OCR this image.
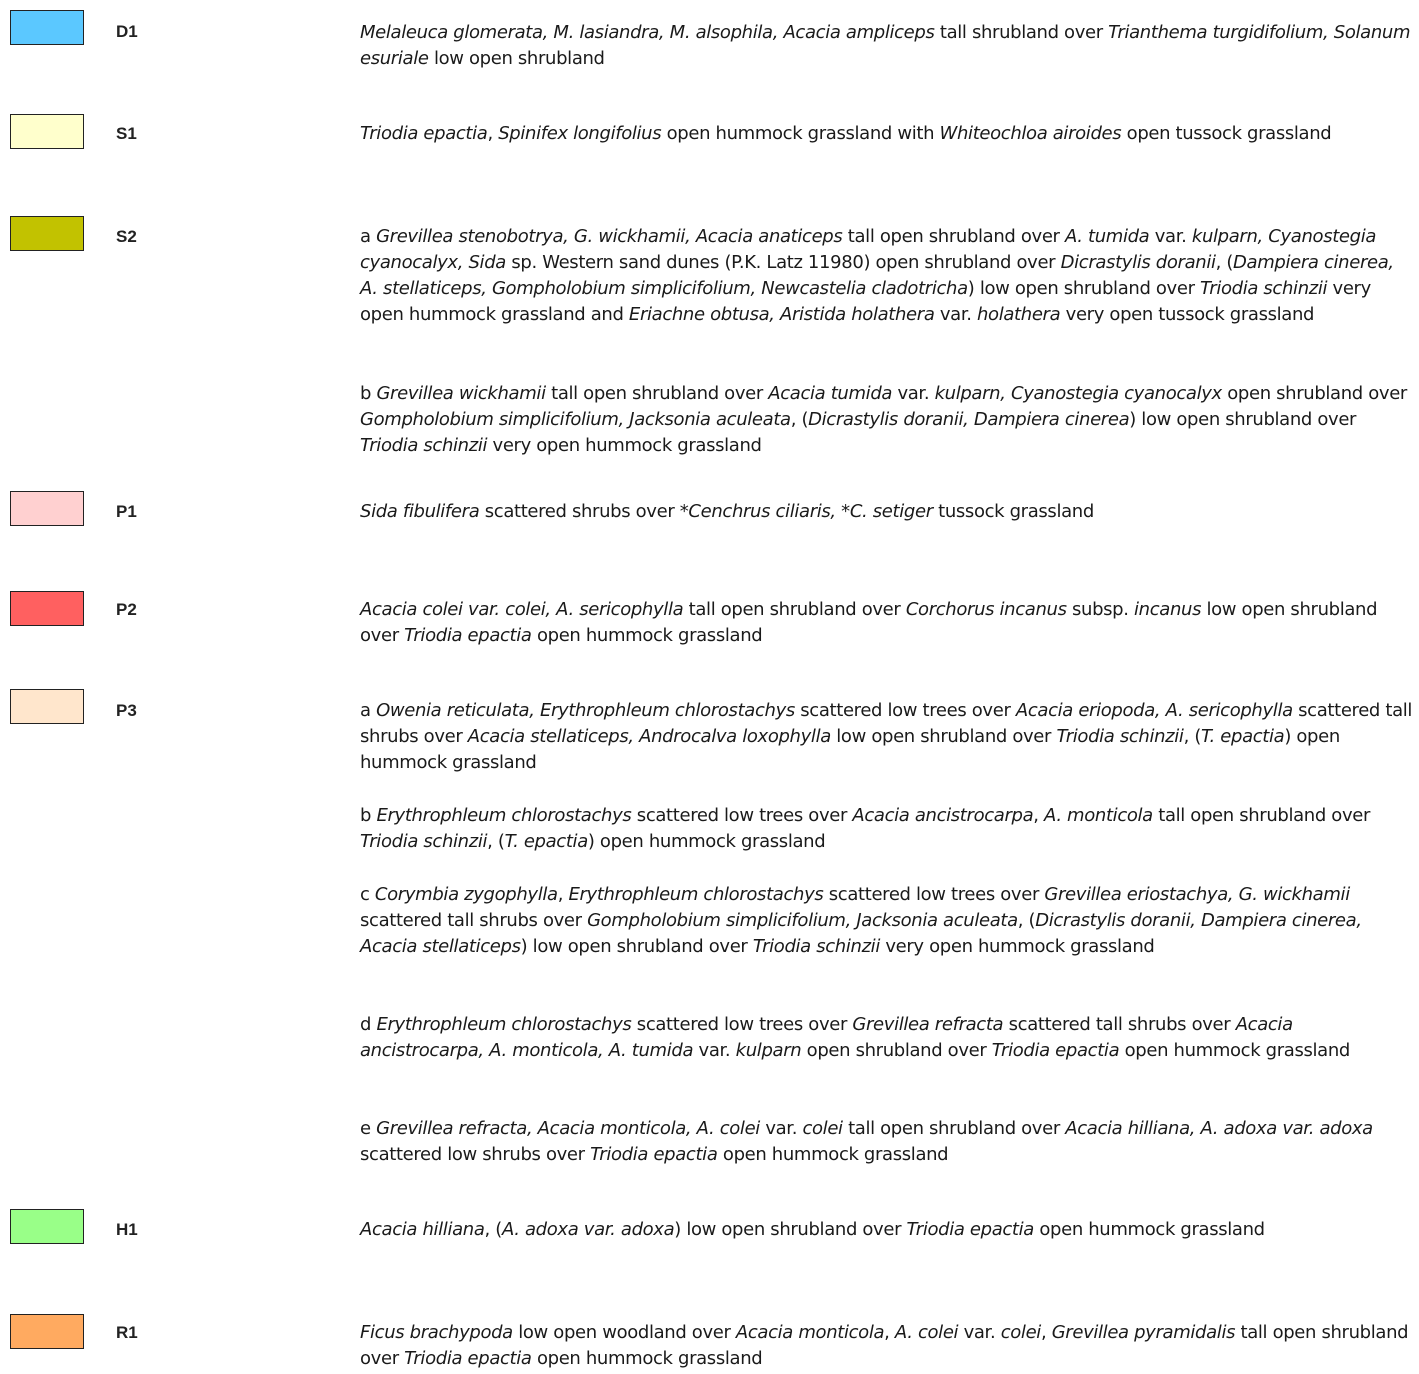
D1	Melaleuca glomerata, M. lasiandra, M. alsophila, Acacia ampliceps tall shrubland over Trianthema turgidifolium, Solanum esuriale low open shrubland
S1	Triodia epactia, Spinifex longifolius open hummock grassland with Whiteochloa airoides open tussock grassland
S2	a Grevillea stenobotrya, G. wickhamii, Acacia anaticeps tall open shrubland over A. tumida var. kulparn, Cyanostegia cyanocalyx, Sida sp. Western sand dunes (P.K. Latz 11980) open shrubland over Dicrastylis doranii, (Dampiera cinerea, A. stellaticeps, Gompholobium simplicifolium, Newcastelia cladotricha) low open shrubland over Triodia schinzii very open hummock grassland and Eriachne obtusa, Aristida holathera var. holathera very open tussock grassland
b Grevillea wickhamii tall open shrubland over Acacia tumida var. kulparn, Cyanostegia cyanocalyx open shrubland over Gompholobium simplicifolium, Jacksonia aculeata, (Dicrastylis doranii, Dampiera cinerea) low open shrubland over Triodia schinzii very open hummock grassland
P1	Sida fibulifera scattered shrubs over *Cenchrus ciliaris, *C. setiger tussock grassland
P2	Acacia colei var. colei, A. sericophylla tall open shrubland over Corchorus incanus subsp. incanus low open shrubland over Triodia epactia open hummock grassland
P3	a Owenia reticulata, Erythrophleum chlorostachys scattered low trees over Acacia eriopoda, A. sericophylla scattered tall shrubs over Acacia stellaticeps, Androcalva loxophylla low open shrubland over Triodia schinzii, (T. epactia) open hummock grassland
b Erythrophleum chlorostachys scattered low trees over Acacia ancistrocarpa, A. monticola tall open shrubland over Triodia schinzii, (T. epactia) open hummock grassland
c Corymbia zygophylla, Erythrophleum chlorostachys scattered low trees over Grevillea eriostachya, G. wickhamii scattered tall shrubs over Gompholobium simplicifolium, Jacksonia aculeata, (Dicrastylis doranii, Dampiera cinerea, Acacia stellaticeps) low open shrubland over Triodia schinzii very open hummock grassland
d Erythrophleum chlorostachys scattered low trees over Grevillea refracta scattered tall shrubs over Acacia ancistrocarpa, A. monticola, A. tumida var. kulparn open shrubland over Triodia epactia open hummock grassland
e Grevillea refracta, Acacia monticola, A. colei var. colei tall open shrubland over Acacia hilliana, A. adoxa var. adoxa scattered low shrubs over Triodia epactia open hummock grassland
H1	Acacia hilliana, (A. adoxa var. adoxa) low open shrubland over Triodia epactia open hummock grassland
R1	Ficus brachypoda low open woodland over Acacia monticola, A. colei var. colei, Grevillea pyramidalis tall open shrubland over Triodia epactia open hummock grassland
